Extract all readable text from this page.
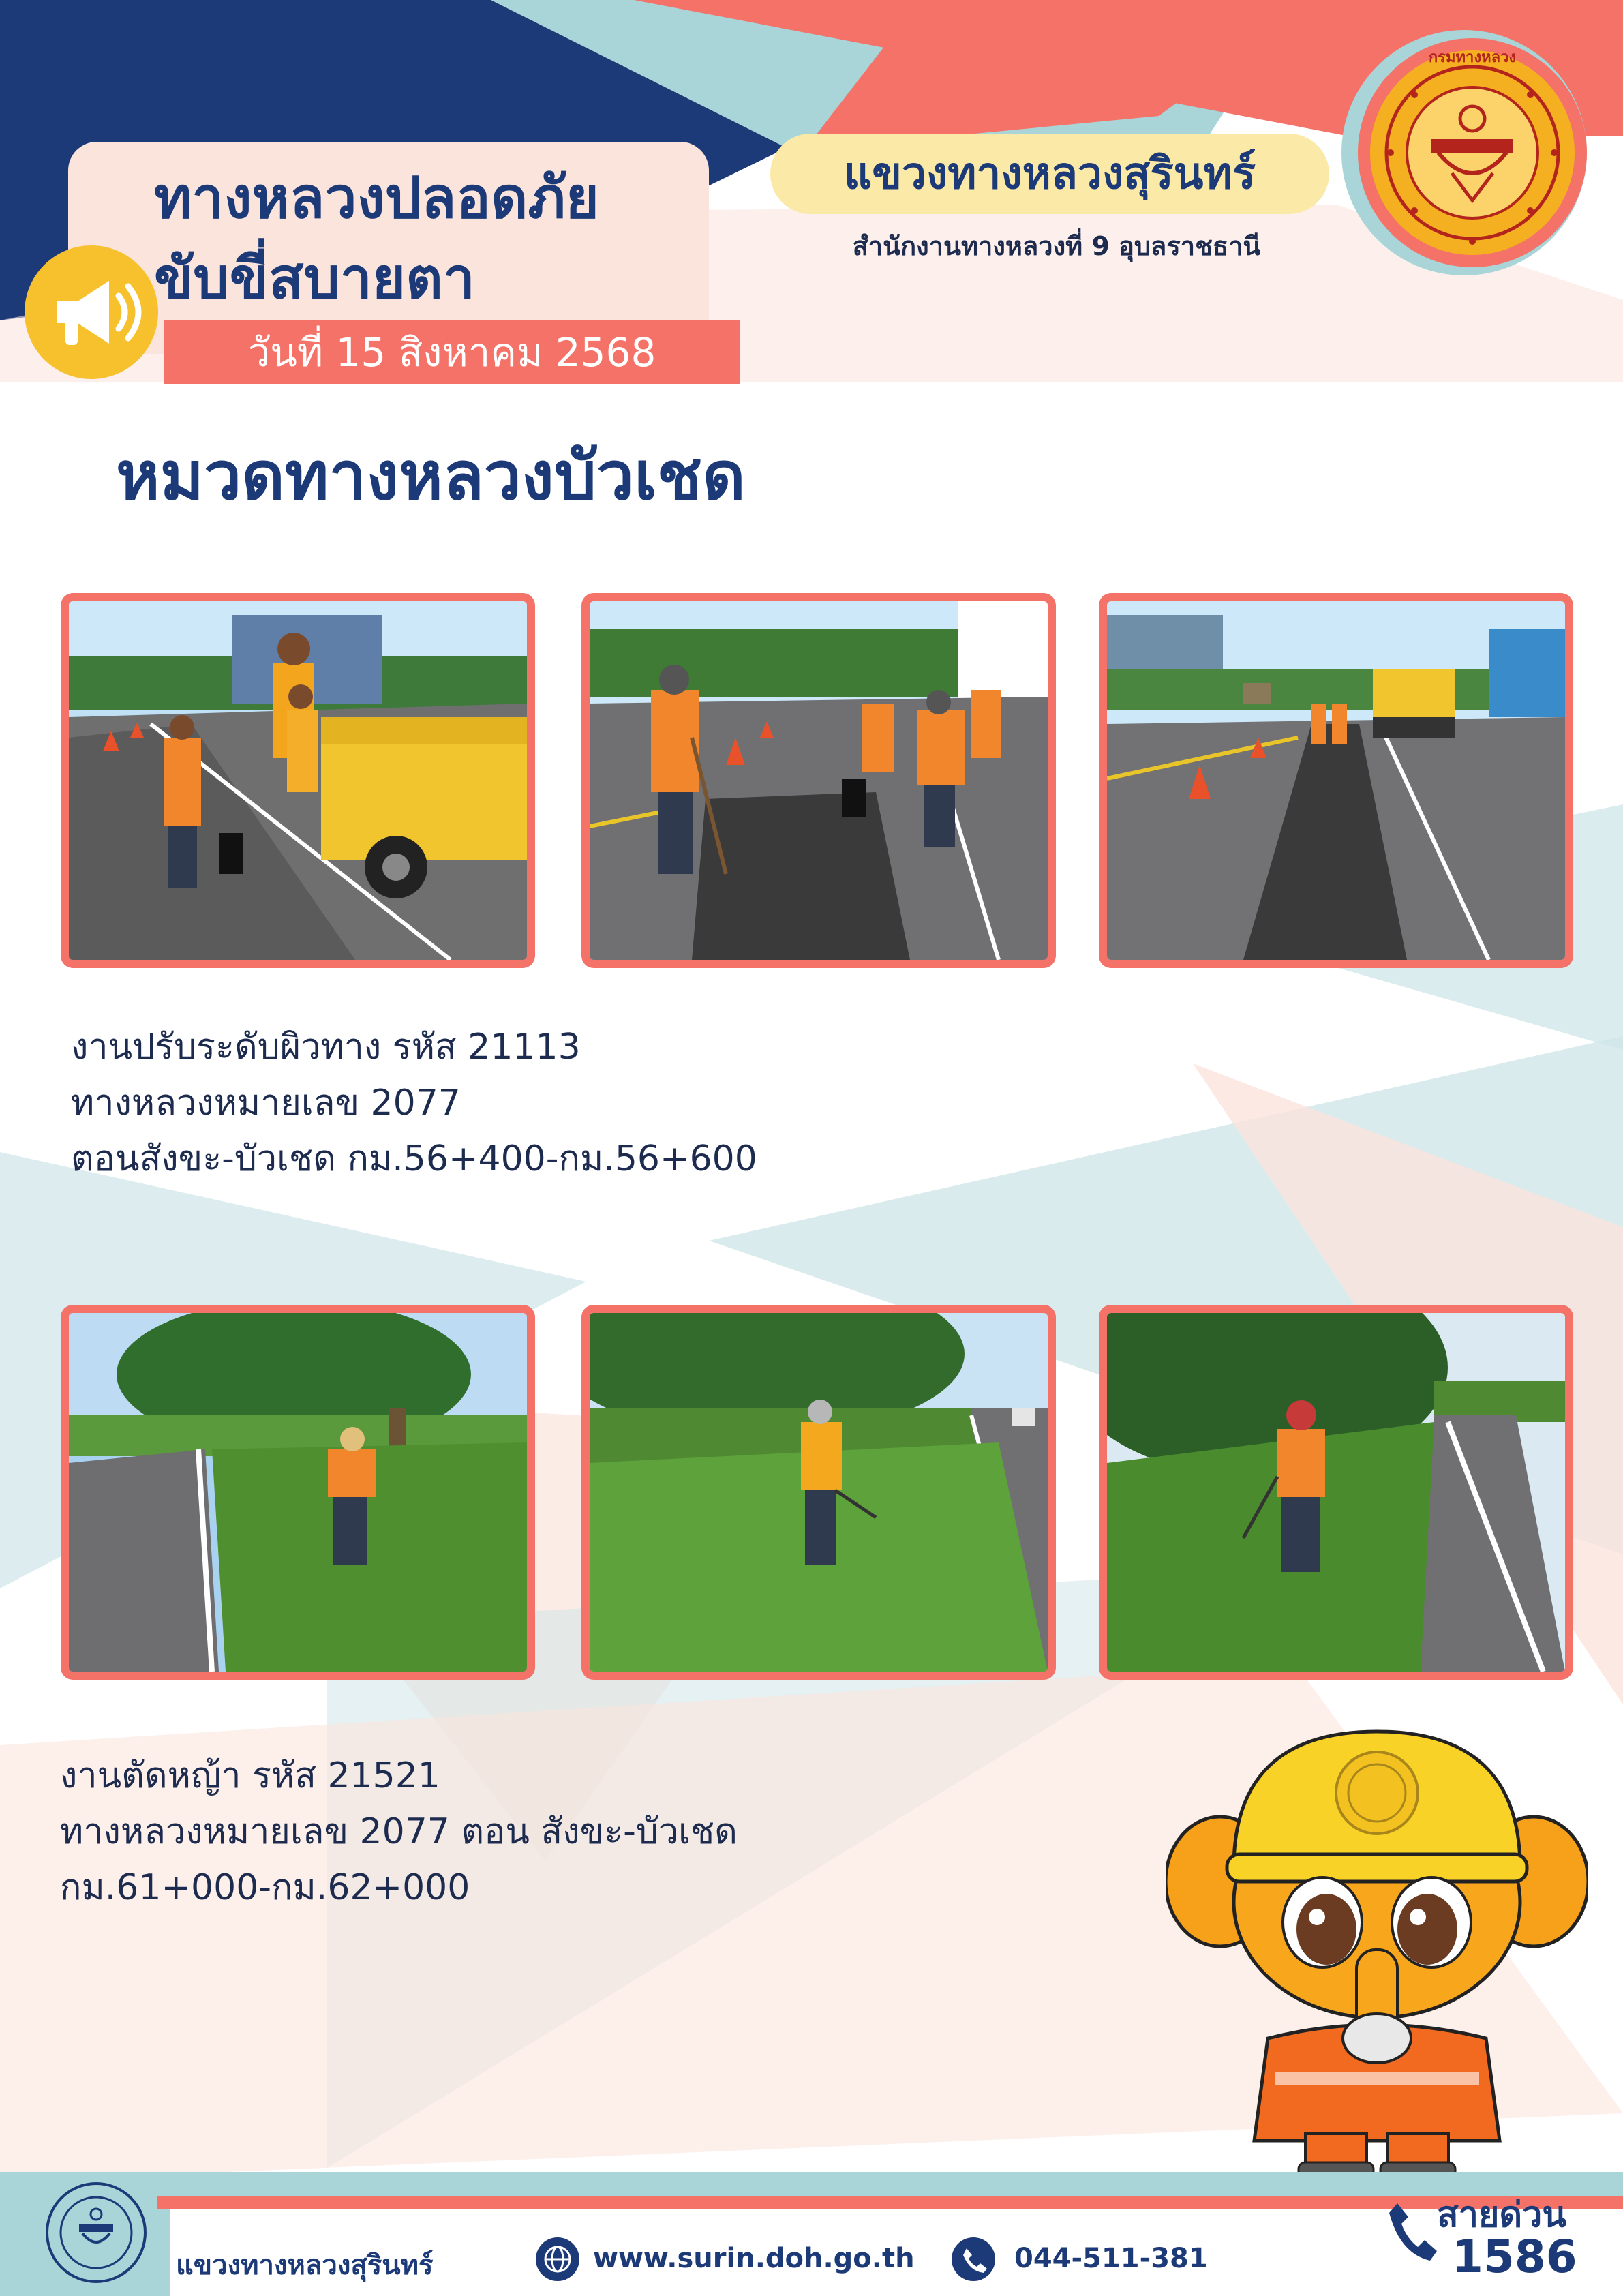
ทางหลวงปลอดภัย
ขับขี่สบายตา
วันที่ 15 สิงหาคม 2568
แขวงทางหลวงสุรินทร์
สำนักงานทางหลวงที่ 9 อุบลราชธานี
กรมทางหลวง
หมวดทางหลวงบัวเชด
งานปรับระดับผิวทาง รหัส 21113
ทางหลวงหมายเลข 2077
ตอนสังขะ-บัวเชด กม.56+400-กม.56+600
งานตัดหญ้า รหัส 21521
ทางหลวงหมายเลข 2077 ตอน สังขะ-บัวเชด
กม.61+000-กม.62+000
แขวงทางหลวงสุรินทร์	www.surin.doh.go.th	044-511-381
สายด่วน
1586
